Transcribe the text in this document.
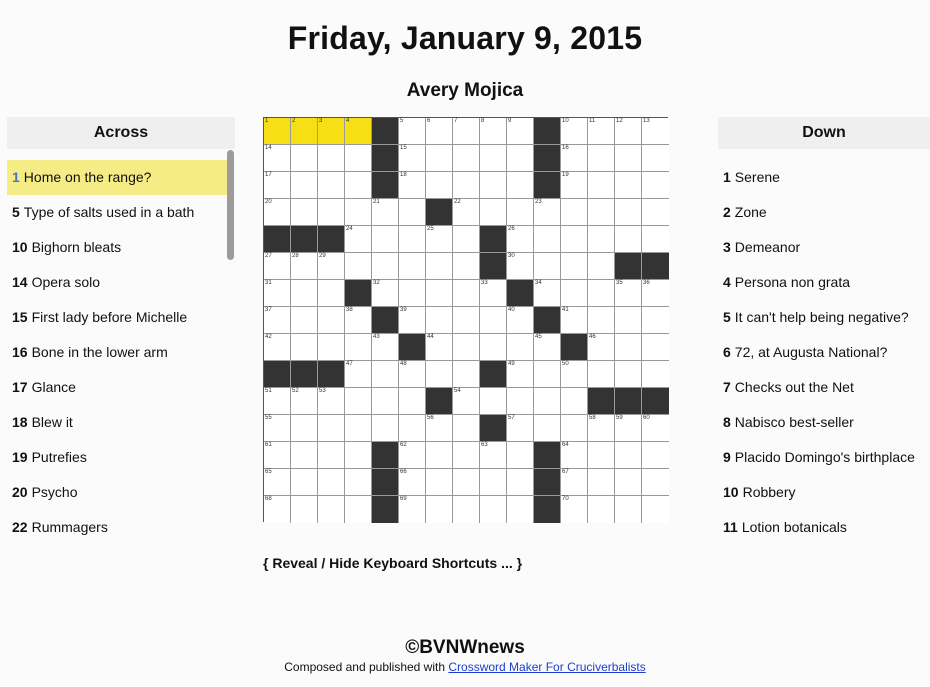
Friday, January 9, 2015
Avery Mojica
Across
1 Home on the range?
5 Type of salts used in a bath
10 Bighorn bleats
14 Opera solo
15 First lady before Michelle
16 Bone in the lower arm
17 Glance
18 Blew it
19 Putrefies
20 Psycho
22 Rummagers
1	2	3	4	5	6	7	8	9	10	11	12	13
14	15	16
17	18	19
20	21	22	23
24	25	26
27	28	29	30
31	32	33	34	35	36
37	38	39	40	41
42	43	44	45	46
47	48	49	50
51	52	53	54
55	56	57	58	59	60
61	62	63	64
65	66	67
68	69	70
Down
1 Serene
2 Zone
3 Demeanor
4 Persona non grata
5 It can't help being negative?
6 72, at Augusta National?
7 Checks out the Net
8 Nabisco best-seller
9 Placido Domingo's birthplace
10 Robbery
11 Lotion botanicals
{ Reveal / Hide Keyboard Shortcuts ... }
©BVNWnews
Composed and published with Crossword Maker For Cruciverbalists
